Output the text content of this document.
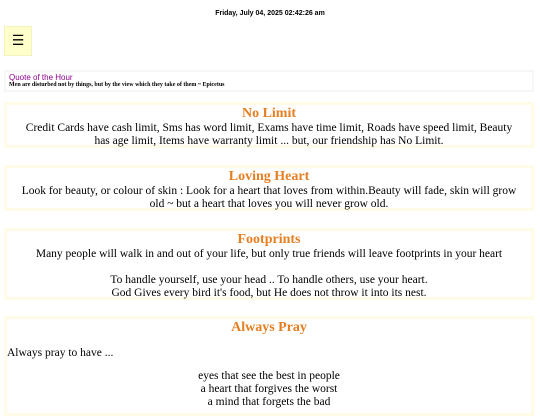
Friday, July 04, 2025 02:42:26 am
☰
Quote of the Hour
Men are disturbed not by things, but by the view which they take of them ~ Epicetus
No Limit

Credit Cards have cash limit, Sms has word limit, Exams have time limit, Roads have speed limit, Beauty

has age limit, Items have warranty limit ... but, our friendship has No Limit.

Loving Heart

Look for beauty, or colour of skin : Look for a heart that loves from within.Beauty will fade, skin will grow

old ~ but a heart that loves you will never grow old.

Footprints

Many people will walk in and out of your life, but only true friends will leave footprints in your heart

To handle yourself, use your head .. To handle others, use your heart.

God Gives every bird it's food, but He does not throw it into its nest.

Always Pray

Always pray to have ...

eyes that see the best in people

a heart that forgives the worst

a mind that forgets the bad
